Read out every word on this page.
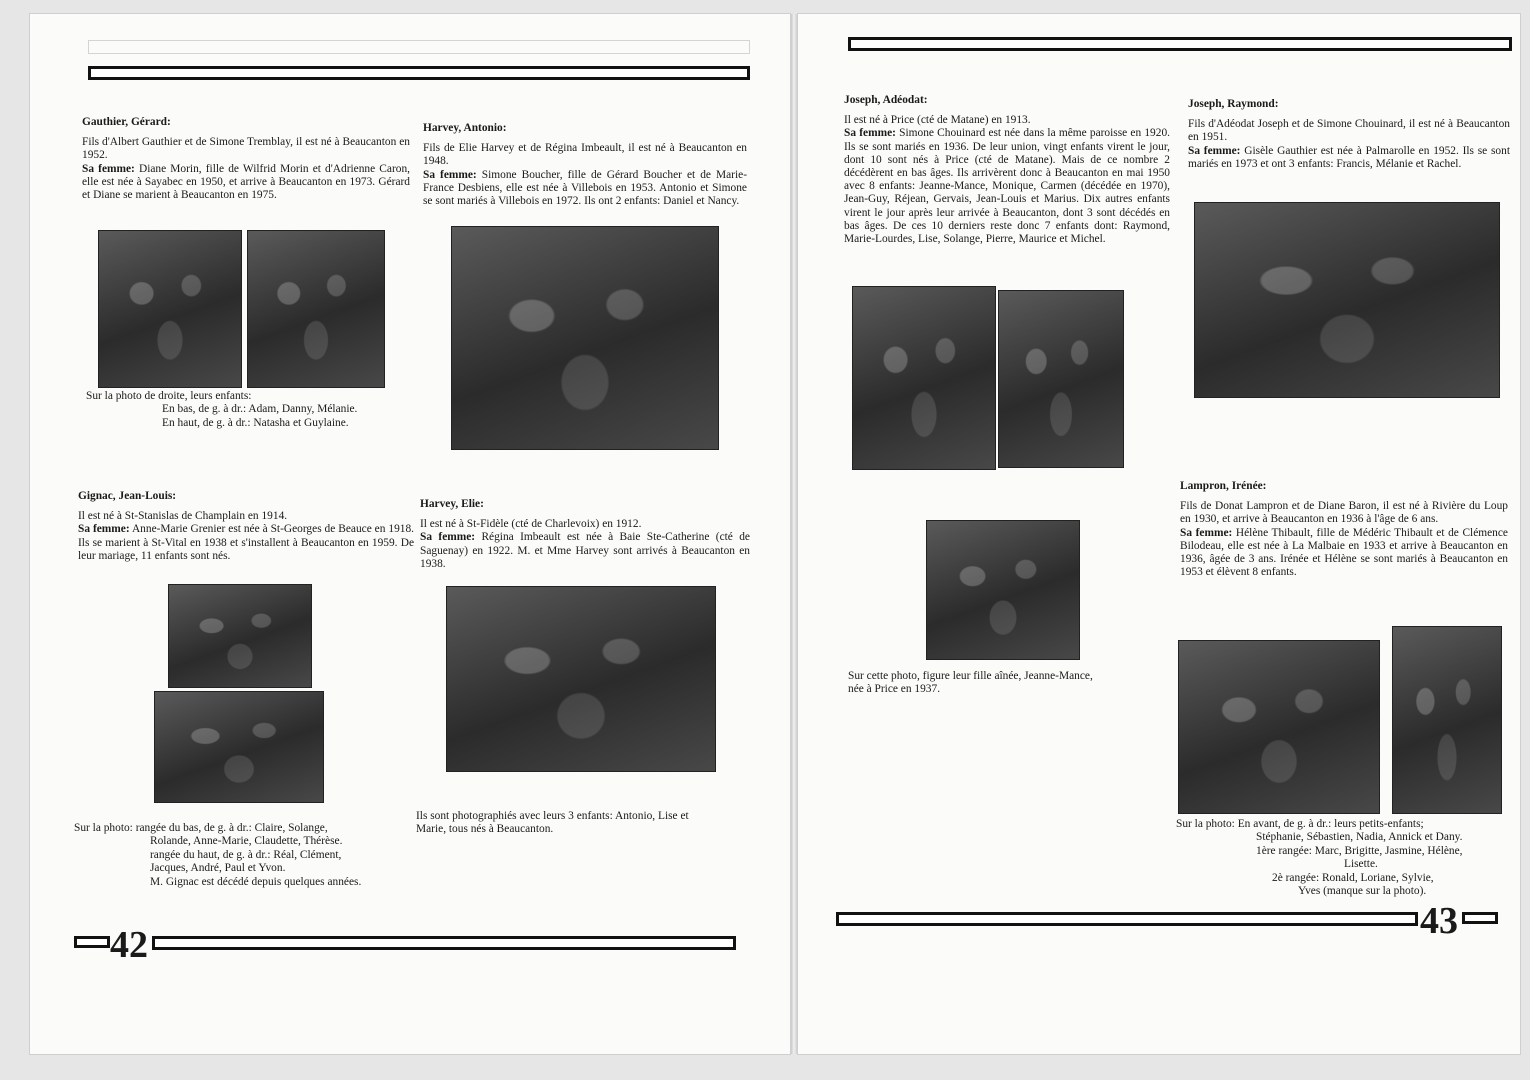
Gauthier, Gérard:

Fils d'Albert Gauthier et de Simone Tremblay, il est né à Beaucanton en 1952.

Sa femme: Diane Morin, fille de Wilfrid Morin et d'Adrienne Caron, elle est née à Sayabec en 1950, et arrive à Beaucanton en 1973. Gérard et Diane se marient à Beaucanton en 1975.

Sur la photo de droite, leurs enfants:
En bas, de g. à dr.: Adam, Danny, Mélanie.
En haut, de g. à dr.: Natasha et Guylaine.
Harvey, Antonio:

Fils de Elie Harvey et de Régina Imbeault, il est né à Beaucanton en 1948.

Sa femme: Simone Boucher, fille de Gérard Boucher et de Marie-France Desbiens, elle est née à Villebois en 1953. Antonio et Simone se sont mariés à Villebois en 1972. Ils ont 2 enfants: Daniel et Nancy.

Gignac, Jean-Louis:

Il est né à St-Stanislas de Champlain en 1914.

Sa femme: Anne-Marie Grenier est née à St-Georges de Beauce en 1918. Ils se marient à St-Vital en 1938 et s'installent à Beaucanton en 1959. De leur mariage, 11 enfants sont nés.

Sur la photo: rangée du bas, de g. à dr.: Claire, Solange,
Rolande, Anne-Marie, Claudette, Thérèse.
rangée du haut, de g. à dr.: Réal, Clément,
Jacques, André, Paul et Yvon.
M. Gignac est décédé depuis quelques années.
Harvey, Elie:

Il est né à St-Fidèle (cté de Charlevoix) en 1912.

Sa femme: Régina Imbeault est née à Baie Ste-Catherine (cté de Saguenay) en 1922. M. et Mme Harvey sont arrivés à Beaucanton en 1938.

Ils sont photographiés avec leurs 3 enfants: Antonio, Lise et
Marie, tous nés à Beaucanton.
42
Joseph, Adéodat:

Il est né à Price (cté de Matane) en 1913.

Sa femme: Simone Chouinard est née dans la même paroisse en 1920. Ils se sont mariés en 1936. De leur union, vingt enfants virent le jour, dont 10 sont nés à Price (cté de Matane). Mais de ce nombre 2 décédèrent en bas âges. Ils arrivèrent donc à Beaucanton en mai 1950 avec 8 enfants: Jeanne-Mance, Monique, Carmen (décédée en 1970), Jean-Guy, Réjean, Gervais, Jean-Louis et Marius. Dix autres enfants virent le jour après leur arrivée à Beaucanton, dont 3 sont décédés en bas âges. De ces 10 derniers reste donc 7 enfants dont: Raymond, Marie-Lourdes, Lise, Solange, Pierre, Maurice et Michel.

Sur cette photo, figure leur fille aînée, Jeanne-Mance,
née à Price en 1937.
Joseph, Raymond:

Fils d'Adéodat Joseph et de Simone Chouinard, il est né à Beaucanton en 1951.

Sa femme: Gisèle Gauthier est née à Palmarolle en 1952. Ils se sont mariés en 1973 et ont 3 enfants: Francis, Mélanie et Rachel.

Lampron, Irénée:

Fils de Donat Lampron et de Diane Baron, il est né à Rivière du Loup en 1930, et arrive à Beaucanton en 1936 à l'âge de 6 ans.

Sa femme: Hélène Thibault, fille de Médéric Thibault et de Clémence Bilodeau, elle est née à La Malbaie en 1933 et arrive à Beaucanton en 1936, âgée de 3 ans. Irénée et Hélène se sont mariés à Beaucanton en 1953 et élèvent 8 enfants.

Sur la photo: En avant, de g. à dr.: leurs petits-enfants;
Stéphanie, Sébastien, Nadia, Annick et Dany.
1ère rangée: Marc, Brigitte, Jasmine, Hélène,
Lisette.
2è rangée: Ronald, Loriane, Sylvie,
Yves (manque sur la photo).
43
